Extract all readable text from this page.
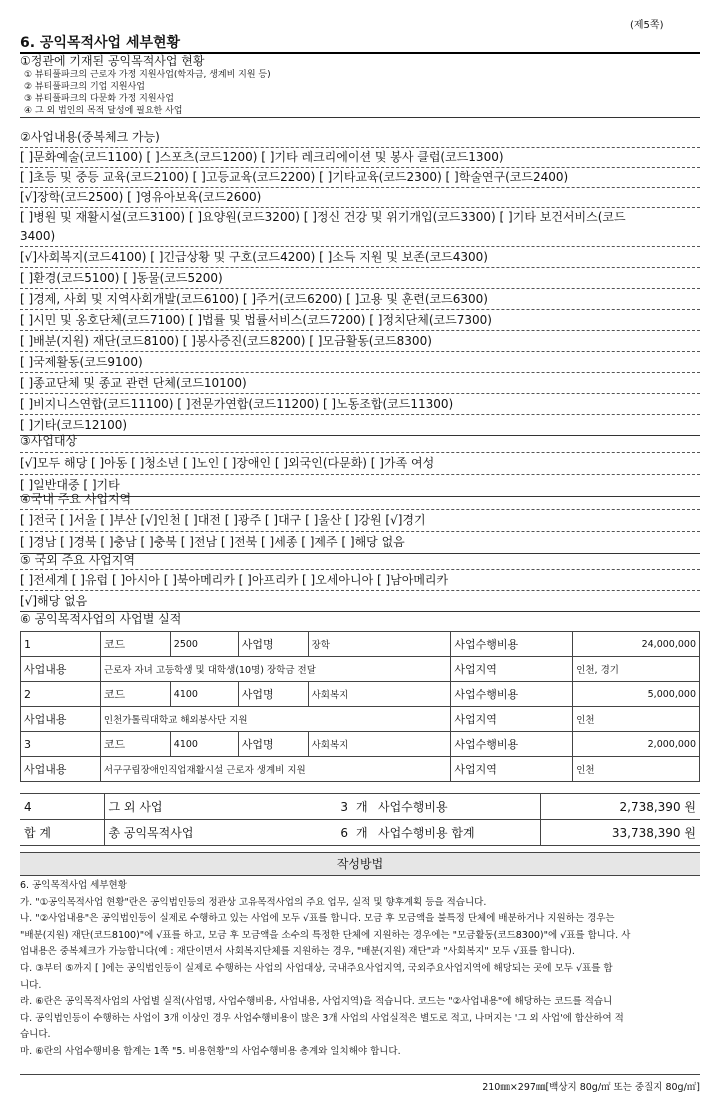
(제5쪽)
6. 공익목적사업 세부현황
①정관에 기재된 공익목적사업 현황
① 뷰티풀파크의 근로자 가정 지원사업(학자금, 생계비 지원 등)
② 뷰티풀파크의 기업 지원사업
③ 뷰티풀파크의 다문화 가정 지원사업
④ 그 외 법인의 목적 달성에 필요한 사업
②사업내용(중복체크 가능)
[ ]문화예술(코드1100) [ ]스포츠(코드1200) [ ]기타 레크리에이션 및 봉사 클럽(코드1300)
[ ]초등 및 중등 교육(코드2100) [ ]고등교육(코드2200) [ ]기타교육(코드2300) [ ]학술연구(코드2400)
[√]장학(코드2500) [ ]영유아보육(코드2600)
[ ]병원 및 재활시설(코드3100) [ ]요양원(코드3200) [ ]정신 건강 및 위기개입(코드3300) [ ]기타 보건서비스(코드
3400)
[√]사회복지(코드4100) [ ]긴급상황 및 구호(코드4200) [ ]소득 지원 및 보존(코드4300)
[ ]환경(코드5100) [ ]동물(코드5200)
[ ]경제, 사회 및 지역사회개발(코드6100) [ ]주거(코드6200) [ ]고용 및 훈련(코드6300)
[ ]시민 및 옹호단체(코드7100) [ ]법률 및 법률서비스(코드7200) [ ]정치단체(코드7300)
[ ]배분(지원) 재단(코드8100) [ ]봉사증진(코드8200) [ ]모금활동(코드8300)
[ ]국제활동(코드9100)
[ ]종교단체 및 종교 관련 단체(코드10100)
[ ]비지니스연합(코드11100) [ ]전문가연합(코드11200) [ ]노동조합(코드11300)
[ ]기타(코드12100)
③사업대상
[√]모두 해당 [ ]아동 [ ]청소년 [ ]노인 [ ]장애인 [ ]외국인(다문화) [ ]가족 여성
[ ]일반대중 [ ]기타
④국내 주요 사업지역
[ ]전국 [ ]서울 [ ]부산 [√]인천 [ ]대전 [ ]광주 [ ]대구 [ ]울산 [ ]강원 [√]경기
[ ]경남 [ ]경북 [ ]충남 [ ]충북 [ ]전남 [ ]전북 [ ]세종 [ ]제주 [ ]해당 없음
⑤ 국외 주요 사업지역
[ ]전세계 [ ]유럽 [ ]아시아 [ ]북아메리카 [ ]아프리카 [ ]오세아니아 [ ]남아메리카
[√]해당 없음
⑥ 공익목적사업의 사업별 실적
1	코드	2500	사업명	장학	사업수행비용	24,000,000
사업내용	근로자 자녀 고등학생 및 대학생(10명) 장학금 전달				사업지역	인천, 경기
2	코드	4100	사업명	사회복지	사업수행비용	5,000,000
사업내용	인천가톨릭대학교 해외봉사단 지원				사업지역	인천
3	코드	4100	사업명	사회복지	사업수행비용	2,000,000
사업내용	서구구립장애인직업재활시설 근로자 생계비 지원				사업지역	인천
4	그 외 사업	3	개	사업수행비용	2,738,390 원
합 계	총 공익목적사업	6	개	사업수행비용 합계	33,738,390 원
작성방법
6. 공익목적사업 세부현황
가. "①공익목적사업 현황"란은 공익법인등의 정관상 고유목적사업의 주요 업무, 실적 및 향후계획 등을 적습니다.
나. "②사업내용"은 공익법인등이 실제로 수행하고 있는 사업에 모두 √표를 합니다. 모금 후 모금액을 불특정 단체에 배분하거나 지원하는 경우는
"배분(지원) 재단(코드8100)"에 √표를 하고, 모금 후 모금액을 소수의 특정한 단체에 지원하는 경우에는 "모금활동(코드8300)"에 √표를 합니다. 사
업내용은 중복체크가 가능합니다(예 : 재단이면서 사회복지단체를 지원하는 경우, "배분(지원) 재단"과 "사회복지" 모두 √표를 합니다).
다. ③부터 ⑤까지 [ ]에는 공익법인등이 실제로 수행하는 사업의 사업대상, 국내주요사업지역, 국외주요사업지역에 해당되는 곳에 모두 √표를 합
니다.
라. ⑥란은 공익목적사업의 사업별 실적(사업명, 사업수행비용, 사업내용, 사업지역)을 적습니다. 코드는 "②사업내용"에 해당하는 코드를 적습니
다. 공익법인등이 수행하는 사업이 3개 이상인 경우 사업수행비용이 많은 3개 사업의 사업실적은 별도로 적고, 나머지는 '그 외 사업'에 합산하여 적
습니다.
마. ⑥란의 사업수행비용 합계는 1쪽 "5. 비용현황"의 사업수행비용 총계와 일치해야 합니다.
210㎜×297㎜[백상지 80g/㎡ 또는 중질지 80g/㎡]
